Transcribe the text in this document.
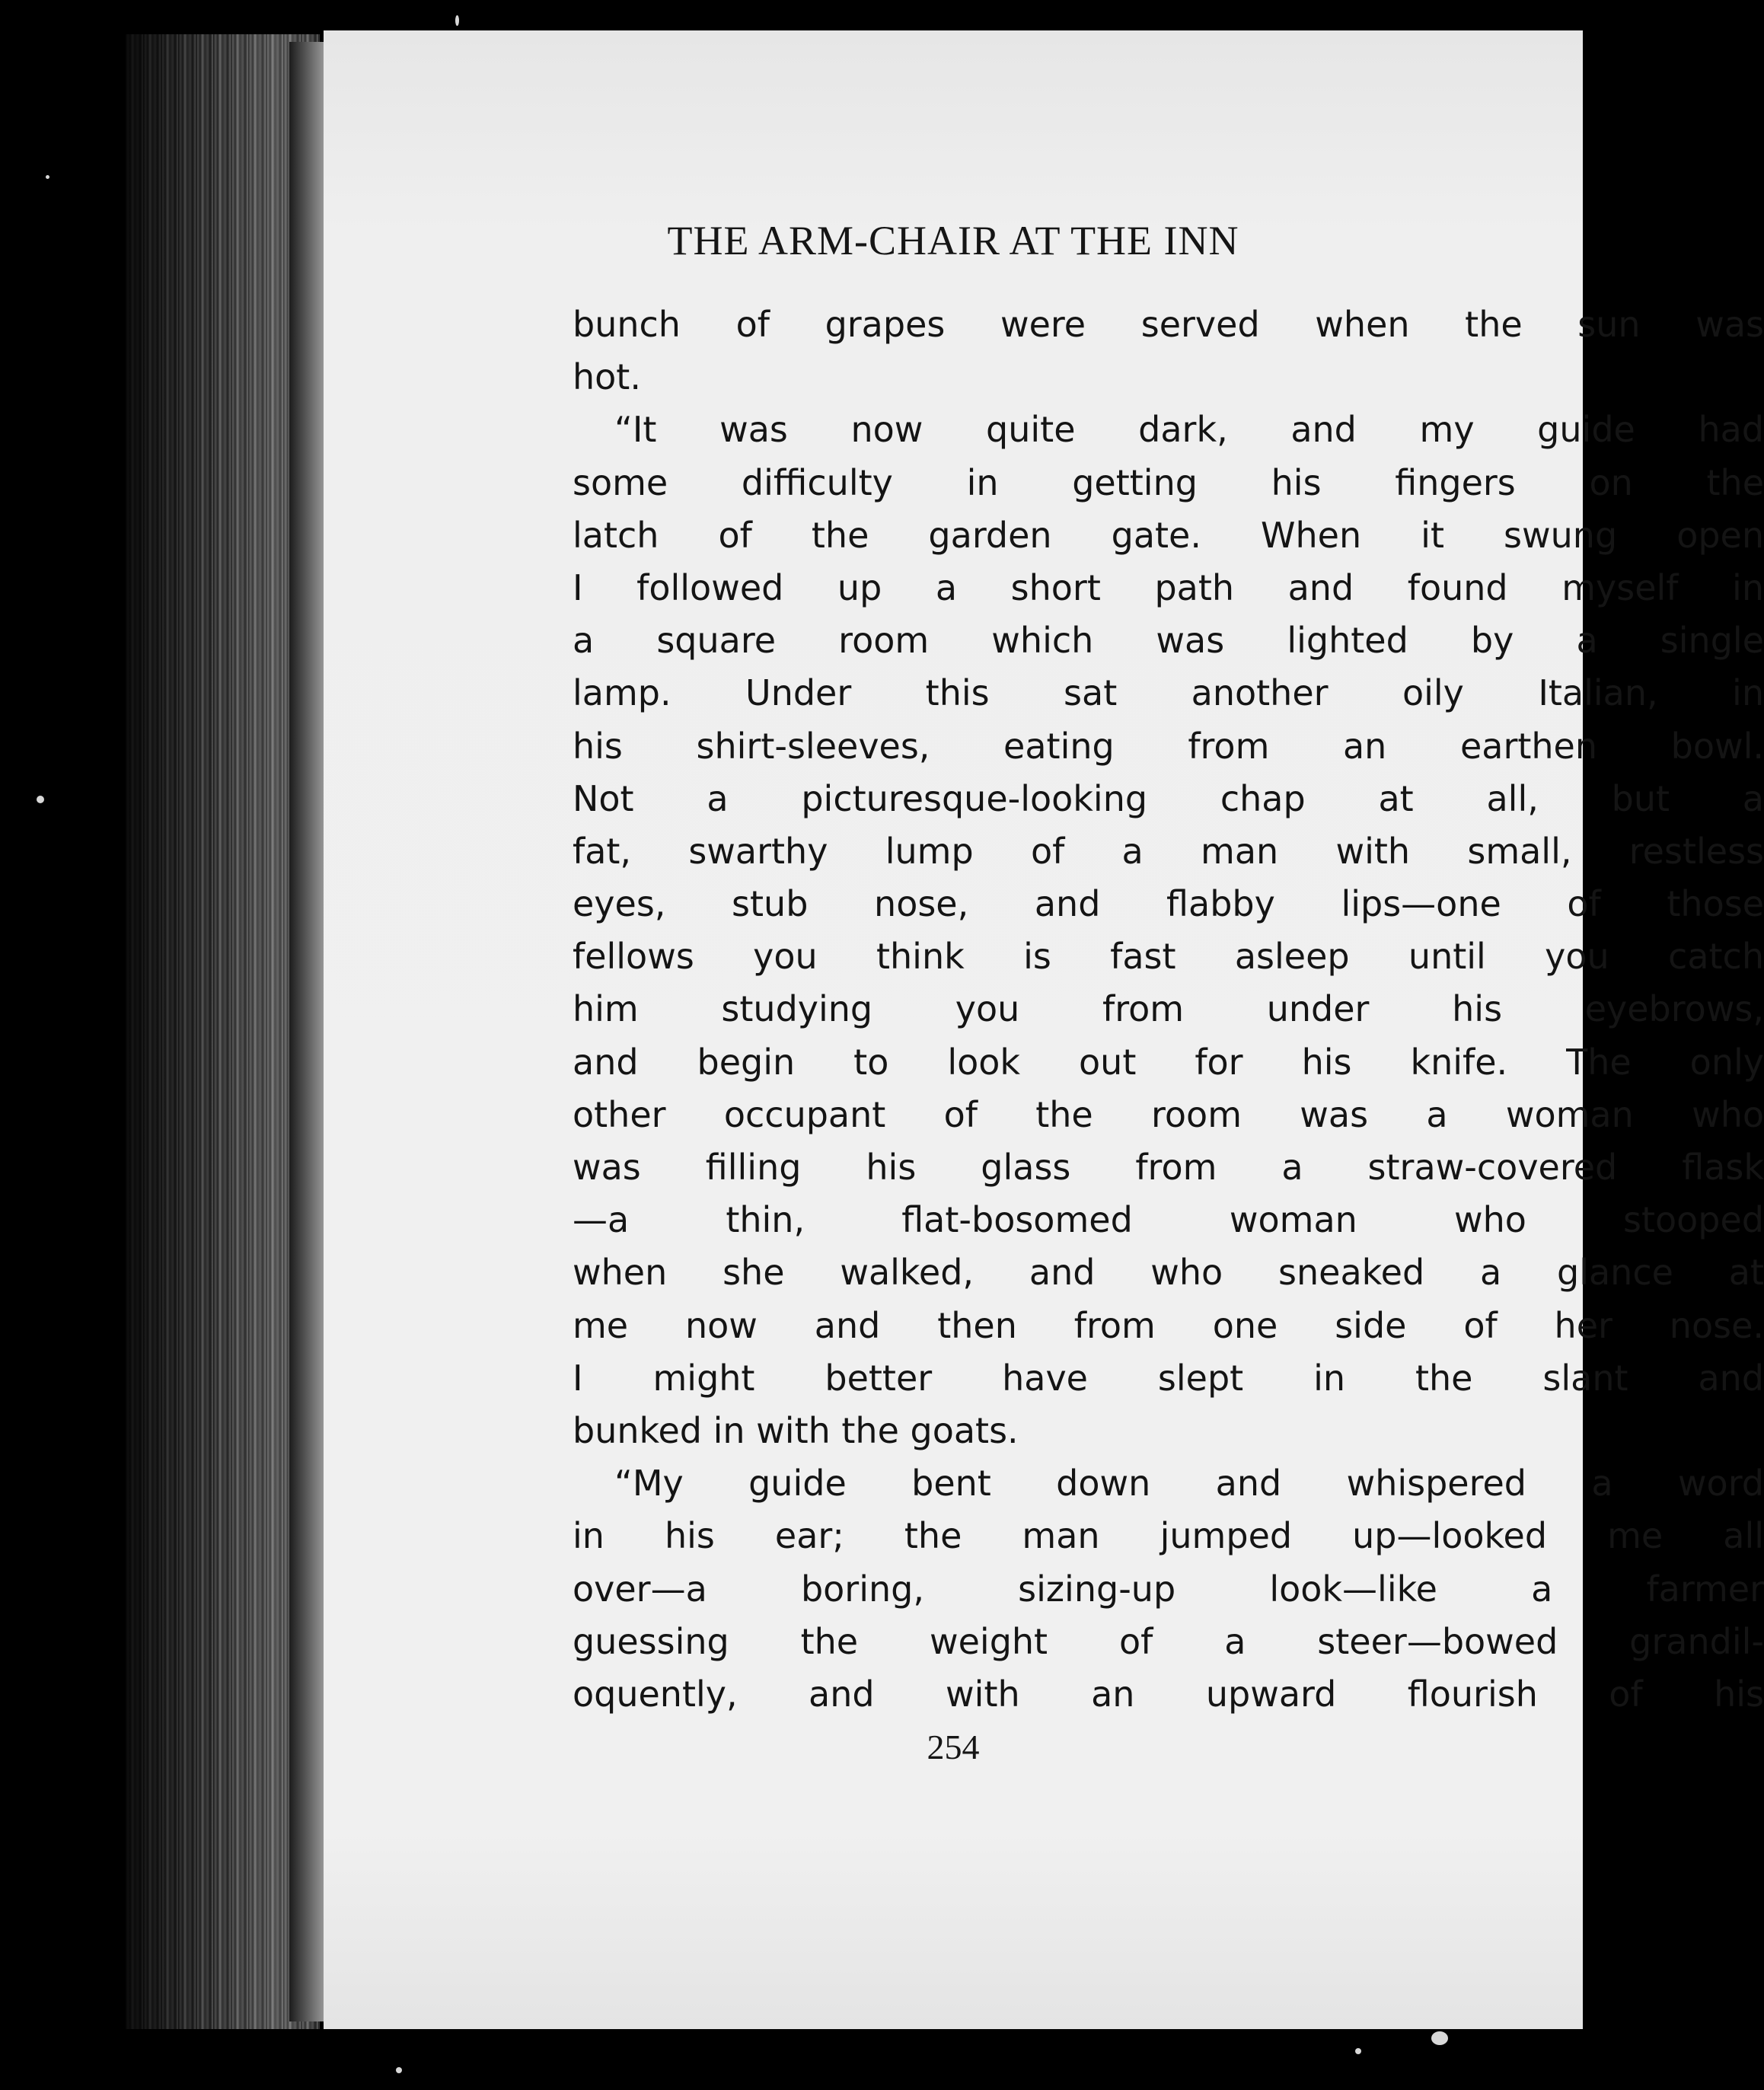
THE ARM-CHAIR AT THE INN
bunch of grapes were served when the sun was
hot.
“It was now quite dark, and my guide had
some difficulty in getting his fingers on the
latch of the garden gate. When it swung open
I followed up a short path and found myself in
a square room which was lighted by a single
lamp. Under this sat another oily Italian, in
his shirt-sleeves, eating from an earthen bowl.
Not a picturesque-looking chap at all, but a
fat, swarthy lump of a man with small, restless
eyes, stub nose, and flabby lips—one of those
fellows you think is fast asleep until you catch
him studying you from under his eyebrows,
and begin to look out for his knife. The only
other occupant of the room was a woman who
was filling his glass from a straw-covered flask
—a thin, flat-bosomed woman who stooped
when she walked, and who sneaked a glance at
me now and then from one side of her nose.
I might better have slept in the slant and
bunked in with the goats.
“My guide bent down and whispered a word
in his ear; the man jumped up—looked me all
over—a boring, sizing-up look—like a farmer
guessing the weight of a steer—bowed grandil-
oquently, and with an upward flourish of his
254
